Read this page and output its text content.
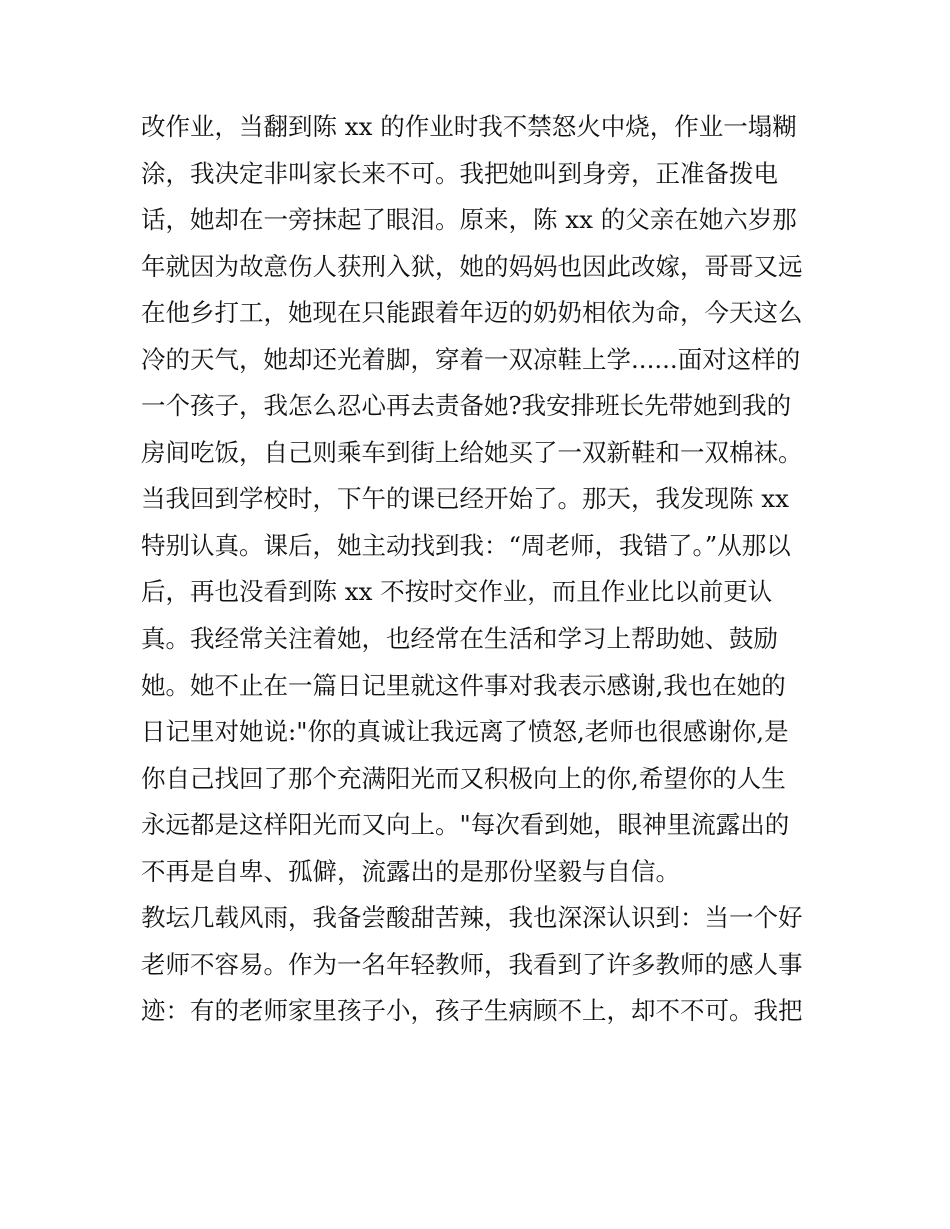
改作业，当翻到陈 xx 的作业时我不禁怒火中烧，作业一塌糊
涂，我决定非叫家长来不可。我把她叫到身旁，正准备拨电
话，她却在一旁抹起了眼泪。原来，陈 xx 的父亲在她六岁那
年就因为故意伤人获刑入狱，她的妈妈也因此改嫁，哥哥又远
在他乡打工，她现在只能跟着年迈的奶奶相依为命，今天这么
冷的天气，她却还光着脚，穿着一双凉鞋上学......面对这样的
一个孩子，我怎么忍心再去责备她?我安排班长先带她到我的
房间吃饭，自己则乘车到街上给她买了一双新鞋和一双棉袜。
当我回到学校时，下午的课已经开始了。那天，我发现陈 xx
特别认真。课后，她主动找到我：“周老师，我错了。”从那以
后，再也没看到陈 xx 不按时交作业，而且作业比以前更认
真。我经常关注着她，也经常在生活和学习上帮助她、鼓励
她。她不止在一篇日记里就这件事对我表示感谢,我也在她的
日记里对她说:"你的真诚让我远离了愤怒,老师也很感谢你,是
你自己找回了那个充满阳光而又积极向上的你,希望你的人生
永远都是这样阳光而又向上。"每次看到她，眼神里流露出的
不再是自卑、孤僻，流露出的是那份坚毅与自信。
教坛几载风雨，我备尝酸甜苦辣，我也深深认识到：当一个好
老师不容易。作为一名年轻教师，我看到了许多教师的感人事
迹：有的老师家里孩子小，孩子生病顾不上，却不不可。我把
